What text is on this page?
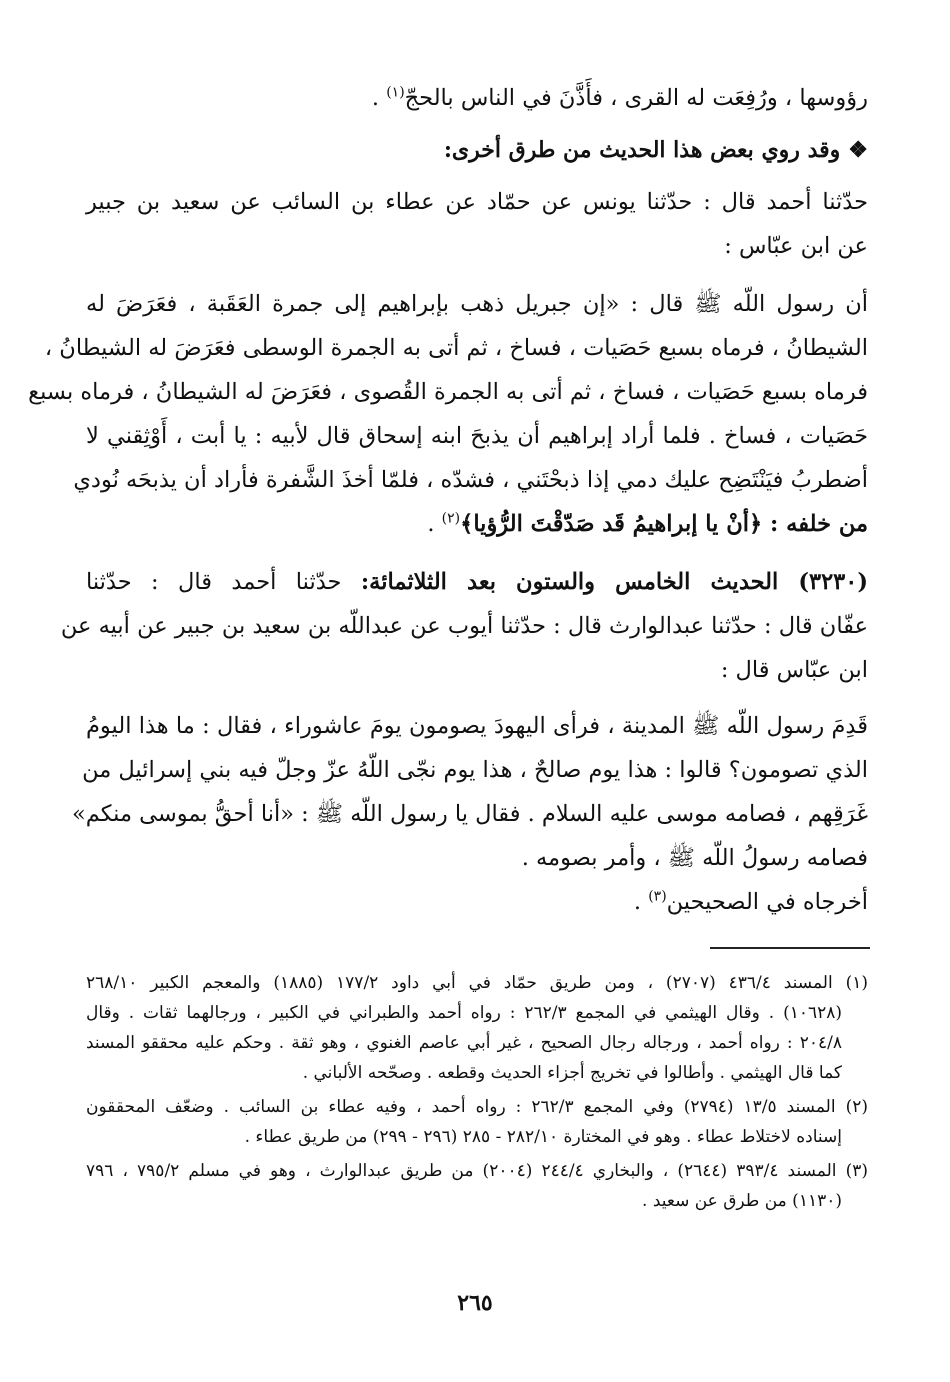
رؤوسها ، ورُفِعَت له القرى ، فأَذَّنَ في الناس بالحجّ$^{(١)}$ .
❖وقد روي بعض هذا الحديث من طرق أخرى:
حدّثنا أحمد قال : حدّثنا يونس عن حمّاد عن عطاء بن السائب عن سعيد بن جبير
عن ابن عبّاس :
أن رسول اللّه ﷺ قال : «إن جبريل ذهب بإبراهيم إلى جمرة العَقَبة ، فعَرَضَ له
الشيطانُ ، فرماه بسبع حَصَيات ، فساخ ، ثم أتى به الجمرة الوسطى فعَرَضَ له الشيطانُ ،
فرماه بسبع حَصَيات ، فساخ ، ثم أتى به الجمرة القُصوى ، فعَرَضَ له الشيطانُ ، فرماه بسبع
حَصَيات ، فساخ . فلما أراد إبراهيم أن يذبحَ ابنه إسحاق قال لأبيه : يا أبت ، أَوْثِقني لا
أضطربُ فيَنْتَضِح عليك دمي إذا ذبحْتَني ، فشدّه ، فلمّا أخذَ الشَّفرة فأراد أن يذبحَه نُودي
من خلفه : ﴿أنْ يا إبراهيمُ قَد صَدّقْتَ الرُّؤيا﴾$^{(٢)}$ .
(٣٢٣٠) الحديث الخامس والستون بعد الثلاثمائة: حدّثنا أحمد قال : حدّثنا
عفّان قال : حدّثنا عبدالوارث قال : حدّثنا أيوب عن عبداللّه بن سعيد بن جبير عن أبيه عن
ابن عبّاس قال :
قَدِمَ رسول اللّه ﷺ المدينة ، فرأى اليهودَ يصومون يومَ عاشوراء ، فقال : ما هذا اليومُ
الذي تصومون؟ قالوا : هذا يوم صالحٌ ، هذا يوم نجّى اللّهُ عزّ وجلّ فيه بني إسرائيل من
غَرَقِهم ، فصامه موسى عليه السلام . فقال يا رسول اللّه ﷺ : «أنا أحقُّ بموسى منكم»
فصامه رسولُ اللّه ﷺ ، وأمر بصومه .
أخرجاه في الصحيحين$^{(٣)}$ .
(١) المسند ٤٣٦/٤ (٢٧٠٧) ، ومن طريق حمّاد في أبي داود ١٧٧/٢ (١٨٨٥) والمعجم الكبير ٢٦٨/١٠
(١٠٦٢٨) . وقال الهيثمي في المجمع ٢٦٢/٣ : رواه أحمد والطبراني في الكبير ، ورجالهما ثقات . وقال
٢٠٤/٨ : رواه أحمد ، ورجاله رجال الصحيح ، غير أبي عاصم الغنوي ، وهو ثقة . وحكم عليه محققو المسند
كما قال الهيثمي . وأطالوا في تخريج أجزاء الحديث وقطعه . وصحّحه الألباني .
(٢) المسند ١٣/٥ (٢٧٩٤) وفي المجمع ٢٦٢/٣ : رواه أحمد ، وفيه عطاء بن السائب . وضعّف المحققون
إسناده لاختلاط عطاء . وهو في المختارة ٢٨٢/١٠ - ٢٨٥ (٢٩٦ - ٢٩٩) من طريق عطاء .
(٣) المسند ٣٩٣/٤ (٢٦٤٤) ، والبخاري ٢٤٤/٤ (٢٠٠٤) من طريق عبدالوارث ، وهو في مسلم ٧٩٥/٢ ، ٧٩٦
(١١٣٠) من طرق عن سعيد .
٢٦٥
